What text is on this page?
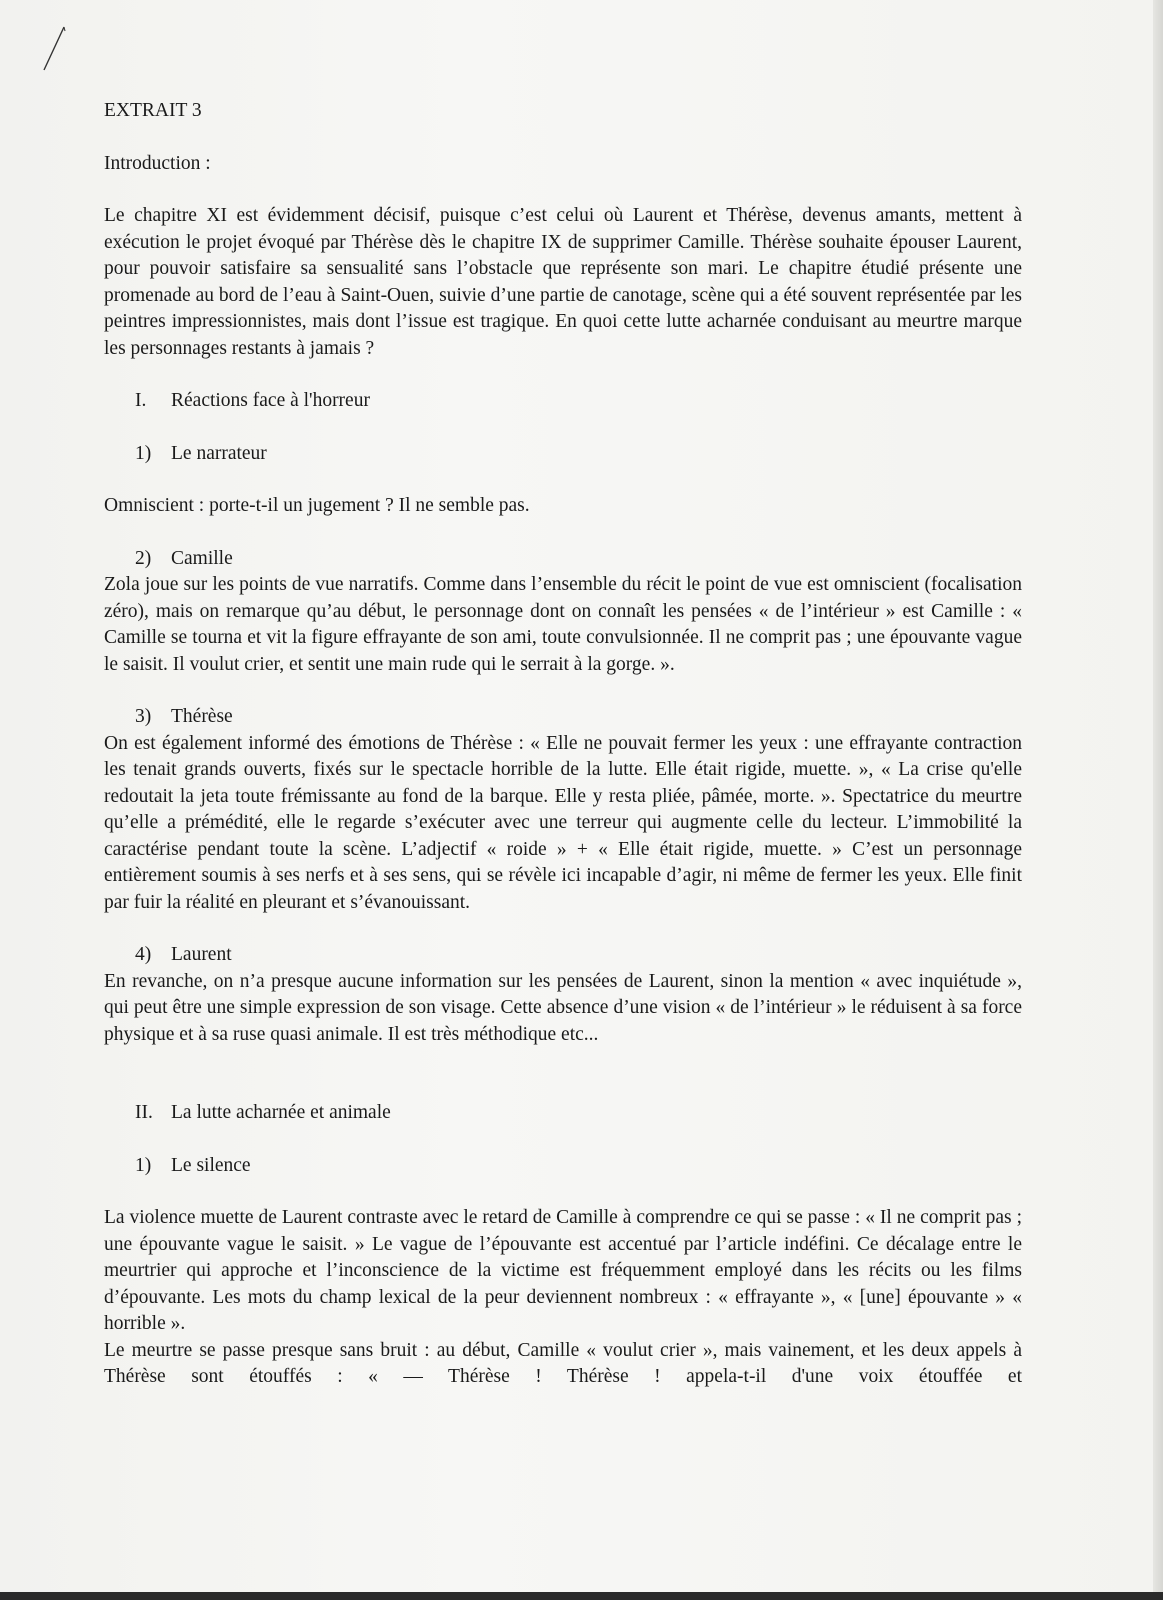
EXTRAIT 3
Introduction :

Le chapitre XI est évidemment décisif, puisque c’est celui où Laurent et Thérèse, devenus amants, mettent à exécution le projet évoqué par Thérèse dès le chapitre IX de supprimer Camille. Thérèse souhaite épouser Laurent, pour pouvoir satisfaire sa sensualité sans l’obstacle que représente son mari. Le chapitre étudié présente une promenade au bord de l’eau à Saint-Ouen, suivie d’une partie de canotage, scène qui a été souvent représentée par les peintres impressionnistes, mais dont l’issue est tragique. En quoi cette lutte acharnée conduisant au meurtre marque les personnages restants à jamais ?

I. Réactions face à l'horreur
1) Le narrateur

Omniscient : porte-t-il un jugement ? Il ne semble pas.

2) Camille

Zola joue sur les points de vue narratifs. Comme dans l’ensemble du récit le point de vue est omniscient (focalisation zéro), mais on remarque qu’au début, le personnage dont on connaît les pensées « de l’intérieur » est Camille : « Camille se tourna et vit la figure effrayante de son ami, toute convulsionnée. Il ne comprit pas ; une épouvante vague le saisit. Il voulut crier, et sentit une main rude qui le serrait à la gorge. ».

3) Thérèse

On est également informé des émotions de Thérèse : « Elle ne pouvait fermer les yeux : une effrayante contraction les tenait grands ouverts, fixés sur le spectacle horrible de la lutte. Elle était rigide, muette. », « La crise qu'elle redoutait la jeta toute frémissante au fond de la barque. Elle y resta pliée, pâmée, morte. ». Spectatrice du meurtre qu’elle a prémédité, elle le regarde s’exécuter avec une terreur qui augmente celle du lecteur. L’immobilité la caractérise pendant toute la scène. L’adjectif « roide » + « Elle était rigide, muette. » C’est un personnage entièrement soumis à ses nerfs et à ses sens, qui se révèle ici incapable d’agir, ni même de fermer les yeux. Elle finit par fuir la réalité en pleurant et s’évanouissant.

4) Laurent

En revanche, on n’a presque aucune information sur les pensées de Laurent, sinon la mention « avec inquiétude », qui peut être une simple expression de son visage. Cette absence d’une vision « de l’intérieur » le réduisent à sa force physique et à sa ruse quasi animale. Il est très méthodique etc...

II. La lutte acharnée et animale
1) Le silence

La violence muette de Laurent contraste avec le retard de Camille à comprendre ce qui se passe : « Il ne comprit pas ; une épouvante vague le saisit. » Le vague de l’épouvante est accentué par l’article indéfini. Ce décalage entre le meurtrier qui approche et l’inconscience de la victime est fréquemment employé dans les récits ou les films d’épouvante. Les mots du champ lexical de la peur deviennent nombreux : « effrayante », « [une] épouvante » « horrible ».

Le meurtre se passe presque sans bruit : au début, Camille « voulut crier », mais vainement, et les deux appels à Thérèse sont étouffés : « — Thérèse ! Thérèse ! appela-t-il d'une voix étouffée et
